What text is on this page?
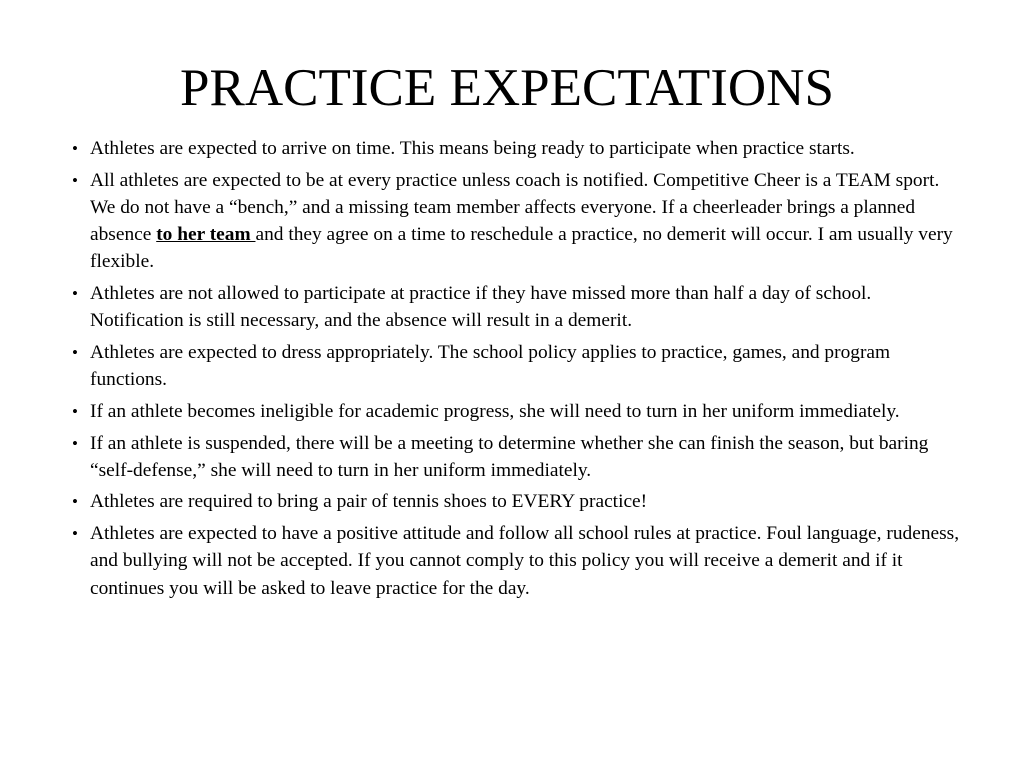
PRACTICE EXPECTATIONS
• Athletes are expected to arrive on time. This means being ready to participate when practice starts.
• All athletes are expected to be at every practice unless coach is notified. Competitive Cheer is a TEAM sport. We do not have a “bench,” and a missing team member affects everyone. If a cheerleader brings a planned absence to her team and they agree on a time to reschedule a practice, no demerit will occur. I am usually very flexible.
• Athletes are not allowed to participate at practice if they have missed more than half a day of school. Notification is still necessary, and the absence will result in a demerit.
• Athletes are expected to dress appropriately. The school policy applies to practice, games, and program functions.
• If an athlete becomes ineligible for academic progress, she will need to turn in her uniform immediately.
• If an athlete is suspended, there will be a meeting to determine whether she can finish the season, but baring “self-defense,” she will need to turn in her uniform immediately.
• Athletes are required to bring a pair of tennis shoes to EVERY practice!
• Athletes are expected to have a positive attitude and follow all school rules at practice. Foul language, rudeness, and bullying will not be accepted. If you cannot comply to this policy you will receive a demerit and if it continues you will be asked to leave practice for the day.
